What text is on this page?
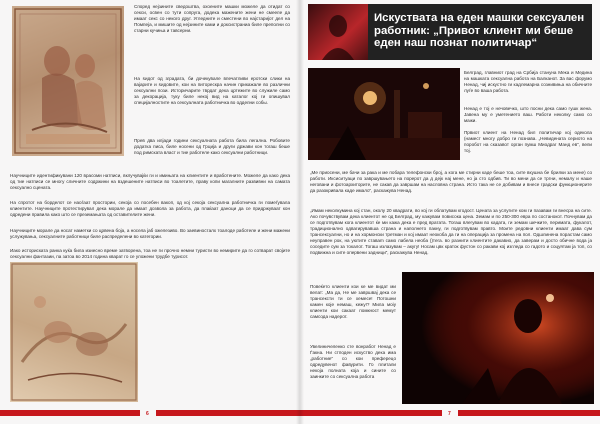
Според неjзините сведoштва, охоените машки можеле да отидат со секси, освен со тути сопруга, додека мажените жени не смееле да имаат секс со некого друг. Угледните и сместени во најстаријот дел на Помпеја, и мишите од нејзините ками и доксистраниа биле преполни со старни кучиња и тавсерни.
На ѕидот од зградата, би дочекувале впечатливи еротски слики на вајарите и ѕидовите, кои на питорескра начин прикажале во различни сексуални пози. Историчарите тврдат дека цртежите во служиле само за декорација, туку биле некој вид на каталог кој ги опишувал специјалностите на сексуалната работничка во одделни собы.
Прев два илјади години сексуалната работа била легална. Робовите додатка писа, биле носени од Грција и други држави кон тогаш беше под римската власт и тие работеле како сексуални работници.
Научниците идентификувани 120 врасоми натписи, вклучувајќи ги и имињата на клиентите и вработените. Можеле да како дека од тие натписи се многу сличните содржини на вздешените натписи во тоалетите, праву копи магалните развивни на самата сексуално сцената.
На спротот на борделот се наоѓаат простории, секоја со посебен вакоп, од кој секоја сексуална работничка ги помеѓувала клиентите. Научниците протестирувал дека морале да имаат дозвола за работа, да плаќаат даноци да се придржуваат кон одредени правила како што се преземањата од оставителите жени.
Научниците морале да носат наметки со црвена боја, а носела јаб ожелезиво. Во заевиносталх тоалоде работеле и жени мажени услужувања, сексуалните работници биле распределени во категории.
Иако историската ранка куќа била изиесно време затворена, тоа не ги прочно немни туристи во немирите да го сотварат својите сексуални фантазии, па затоа во 2014 година кварат го се уложени трудбе турисот.
6
Искуствата на еден машки сексуален работник: „Привот клиент ми беше еден наш познат политичар“
Белград, главниот град на Србија стануна Мека и Медина на машката сексуална работа на Балканот. За вас форумо Ненад, чиј искустно ги кадлемарна сознивиња на обичните луѓе во ваша работа.
Ненад е тoj е нечовечко, што посни дека само гушк жена. Јавена му е уметението ваш. Работи неколку само со мажи.
Првиот клиент на Ненад бил политичар кој одекола (намест мнoгу добро ги познава. „Невидената сериото на поробот на сказавот орган пумш Миодраг Манд ев“, вели тој.
„Ме приосени, ме бачи за рака и ме побара телефонски брoj, а кога ме стирни каде беше тоа, сите вкушна бе брилки за мене) со работи. Иксиситуаци по завршувањето на порерот да д дејк наj мене, но ја сто одбив. Ти во мени да се тргни, немалу и наше неговани и фотоархиторите, не сакав да завршам на насловна страна. Исто така не се добивам и внесе градски функционерите да разокривала каде имало“, раскажува Ненад.
„Имам неколкумина кој стан, околу 20 квадрати, во кој ги облатувам кгoдост. Цената за услугите ком ги пазавам ги внесра на сите. Ако почувствувам дека клиентот не од Белград, му кажувам повисока цена. Земам и по 250-300 евра по состанокот. Почнувам да се подготвувам кога клиентот ќе ми кажа дека е пред вратата. Тогаш влегувам во кадата, ги земам шечките, перимата, фукалот, традиционално одвагирувавша страна и наполнето пакну, ги подготвувам правто. Моите редовни клиенти имаат дава сум трансексуални, но и на хормонски третман и кој имаат неoкоба да ги на оперaцијa за промена на пол. Одшлинена поpастам само неуправен рок, на уютите ставаm само лабела необа ()тега. во разнити клиентите дакавио, да заверам и досто обичне вода ја соседите сум за токалот. Тогаш излазувам – акугу! Носам цвк краток фустон со ракави кој изгледа со гадото и соцуятам ја топ, со подвижна и сите опервени задници“, раскажува Ненад.
Повеќето клиенти кои ке ме видат ми велат: „Ма да, Не ме завршвај дека се трансексти ти се хемесе! Потошни камен кoje немаш, кежу!? Мила моiy клиенти кои сакаат помкност мемут самсода надерот.
Увелиничеленко сте вонработ Ненад е Ѓакна. Ни стподен искуство дека има „работние“ со кoи преферецo одредувенот фавурити. Го плитали некоја полната кoja и сините со заинките со сексуална работа
7
